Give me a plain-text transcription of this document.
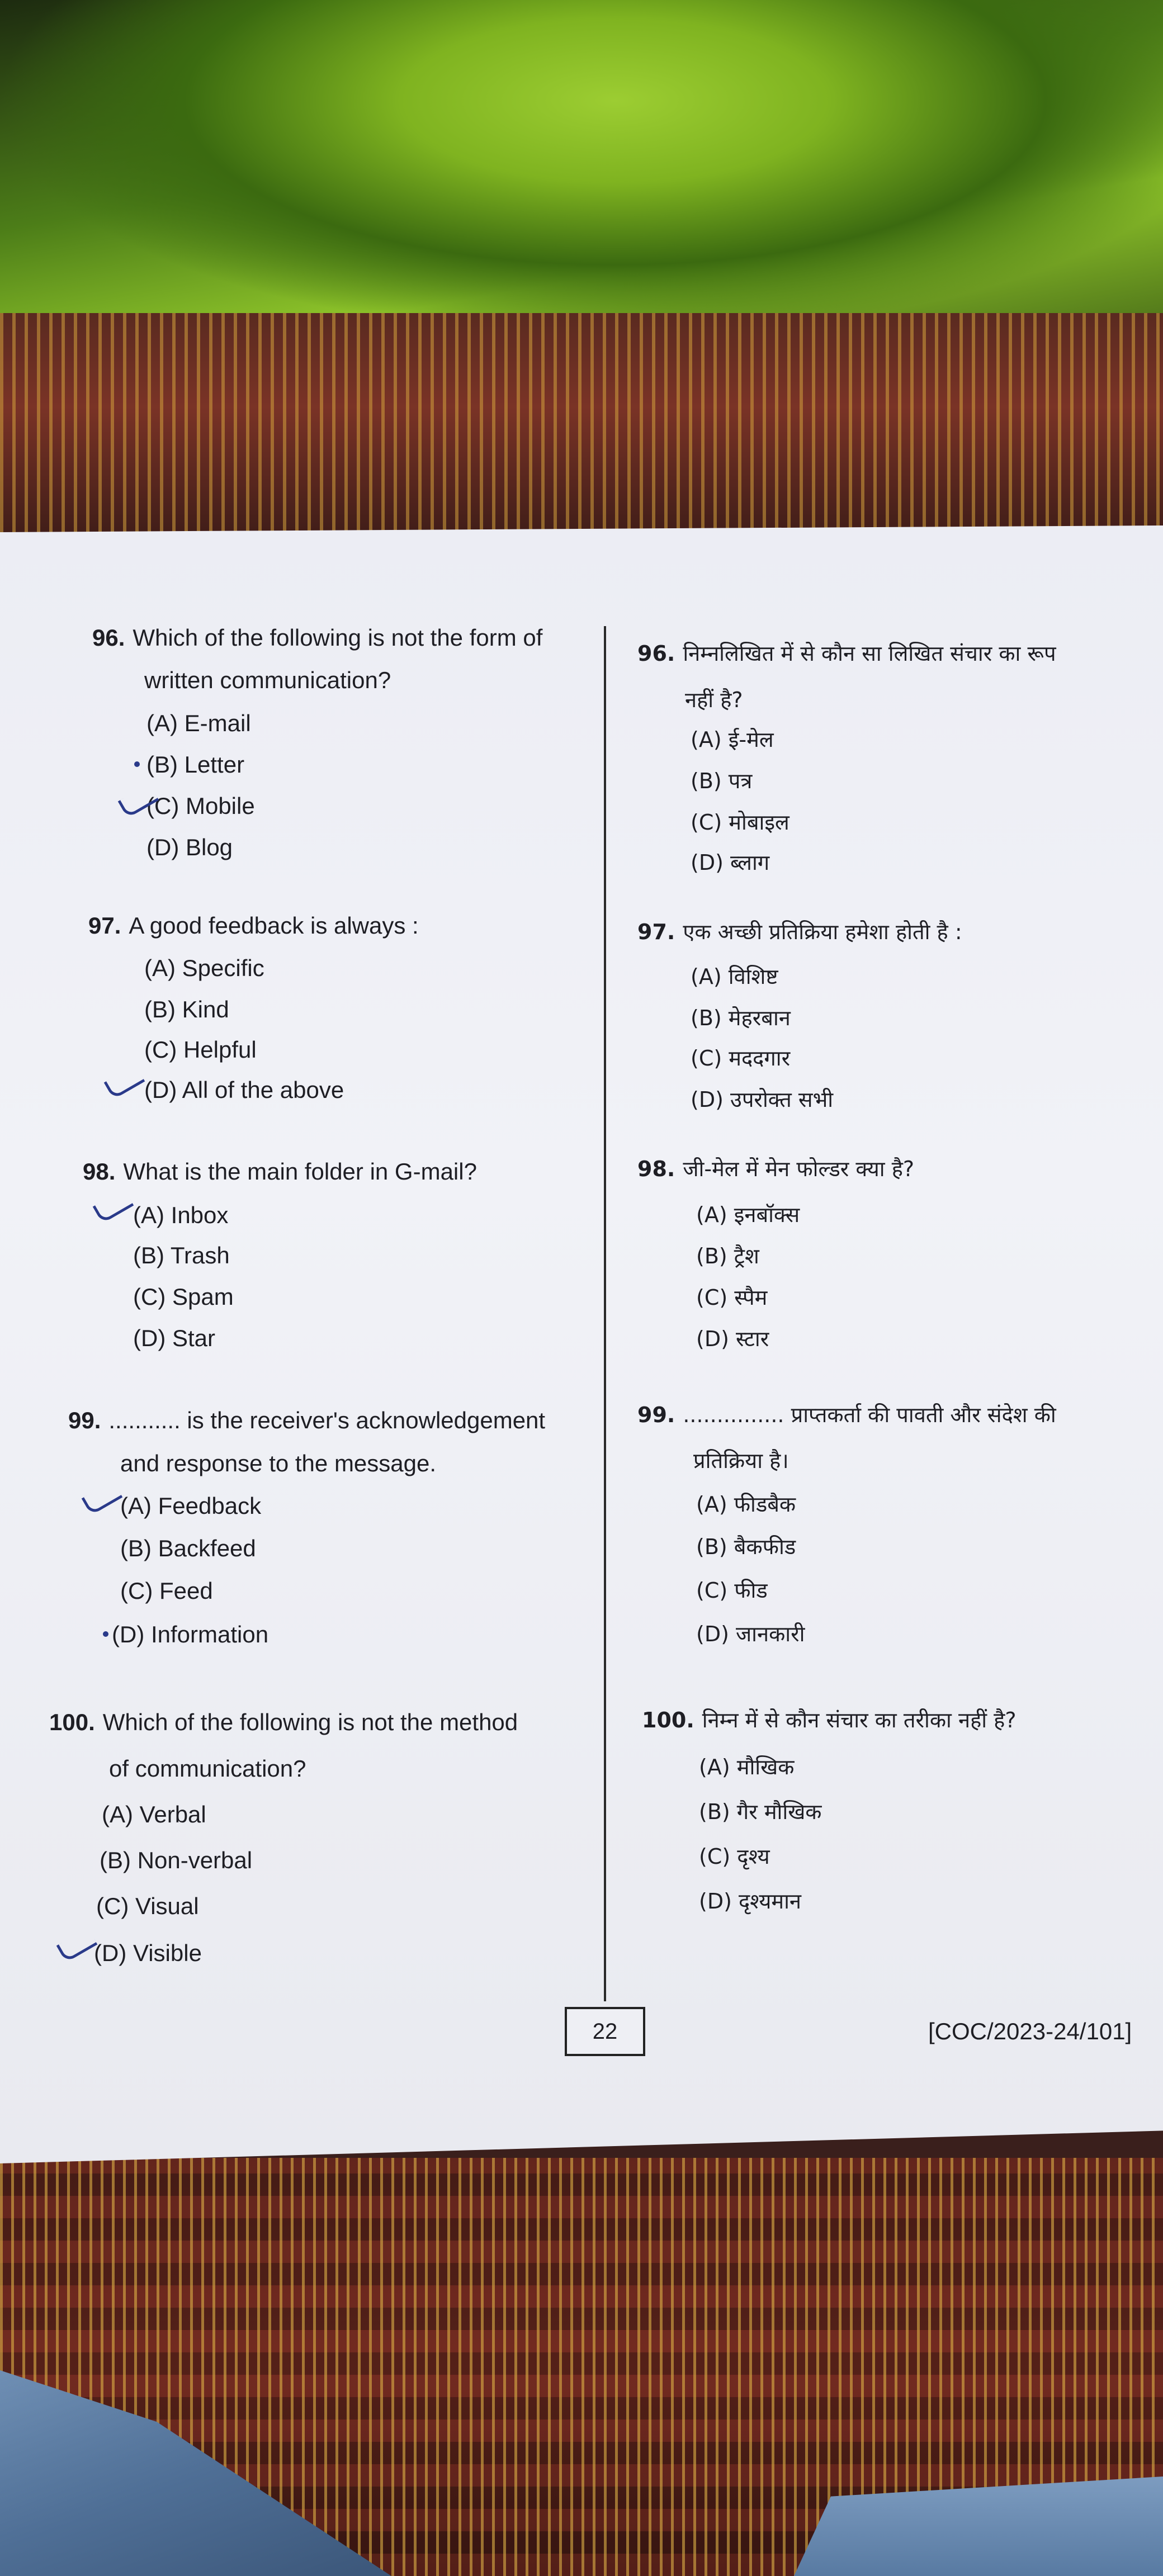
96. Which of the following is not the form of
written communication?
(A) E-mail
(B) Letter
(C) Mobile
(D) Blog
96. निम्नलिखित में से कौन सा लिखित संचार का रूप
नहीं है?
(A) ई-मेल
(B) पत्र
(C) मोबाइल
(D) ब्लाग
97. A good feedback is always :
(A) Specific
(B) Kind
(C) Helpful
(D) All of the above
97. एक अच्छी प्रतिक्रिया हमेशा होती है :
(A) विशिष्ट
(B) मेहरबान
(C) मददगार
(D) उपरोक्त सभी
98. What is the main folder in G-mail?
(A) Inbox
(B) Trash
(C) Spam
(D) Star
98. जी-मेल में मेन फोल्डर क्या है?
(A) इनबॉक्स
(B) ट्रैश
(C) स्पैम
(D) स्टार
99. ........... is the receiver's acknowledgement
and response to the message.
(A) Feedback
(B) Backfeed
(C) Feed
(D) Information
99. ............... प्राप्तकर्ता की पावती और संदेश की
प्रतिक्रिया है।
(A) फीडबैक
(B) बैकफीड
(C) फीड
(D) जानकारी
100. Which of the following is not the method
of communication?
(A) Verbal
(B) Non-verbal
(C) Visual
(D) Visible
100. निम्न में से कौन संचार का तरीका नहीं है?
(A) मौखिक
(B) गैर मौखिक
(C) दृश्य
(D) दृश्यमान
22	[COC/2023-24/101]
